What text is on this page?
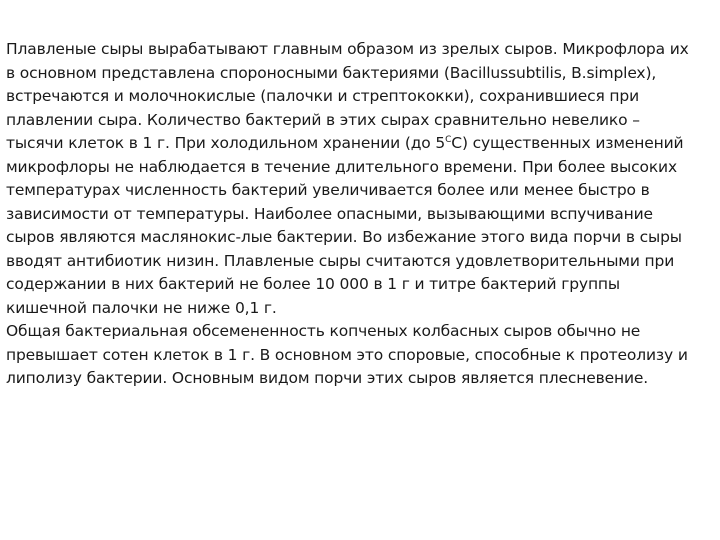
Плавленые сыры вырабатывают главным образом из зрелых сыров. Микрофлора их в основном представлена спороносными бактериями (Bacillussubtilis, B.simplex), встречаются и молочнокислые (палочки и стрептококки), сохранившиеся при плавлении сыра. Количество бактерий в этих сырах сравнительно невелико – тысячи клеток в 1 г. При холодильном хранении (до $5^CC$) существенных изменений микрофлоры не наблюдается в течение длительного времени. При более высоких температурах численность бактерий увеличивается более или менее быстро в зависимости от температуры. Наиболее опасными, вызывающими вспучивание сыров являются маслянокис-лые бактерии. Во избежание этого вида порчи в сыры вводят антибиотик низин. Плавленые сыры считаются удовлетворительными при содержании в них бактерий не более 10 000 в 1 г и титре бактерий группы кишечной палочки не ниже 0,1 г.

Общая бактериальная обсемененность копченых колбасных сыров обычно не превышает сотен клеток в 1 г. В основном это споровые, способные к протеолизу и липолизу бактерии. Основным видом порчи этих сыров является плесневение.
